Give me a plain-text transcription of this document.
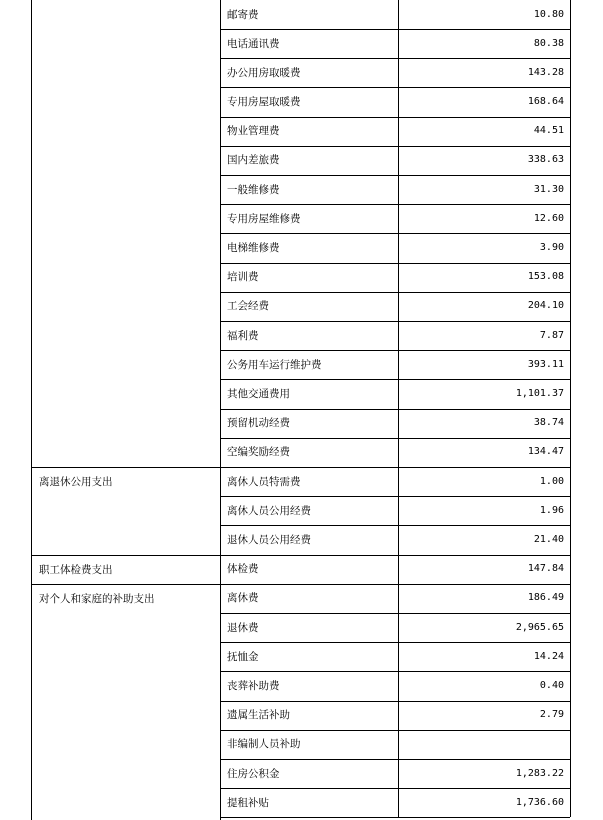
邮寄费	10.80
电话通讯费	80.38
办公用房取暖费	143.28
专用房屋取暖费	168.64
物业管理费	44.51
国内差旅费	338.63
一般维修费	31.30
专用房屋维修费	12.60
电梯维修费	3.90
培训费	153.08
工会经费	204.10
福利费	7.87
公务用车运行维护费	393.11
其他交通费用	1,101.37
预留机动经费	38.74
空编奖励经费	134.47
离退休公用支出	离休人员特需费	1.00
离休人员公用经费	1.96
退休人员公用经费	21.40
职工体检费支出	体检费	147.84
对个人和家庭的补助支出	离休费	186.49
退休费	2,965.65
抚恤金	14.24
丧葬补助费	0.40
遗属生活补助	2.79
非编制人员补助
住房公积金	1,283.22
提租补贴	1,736.60
